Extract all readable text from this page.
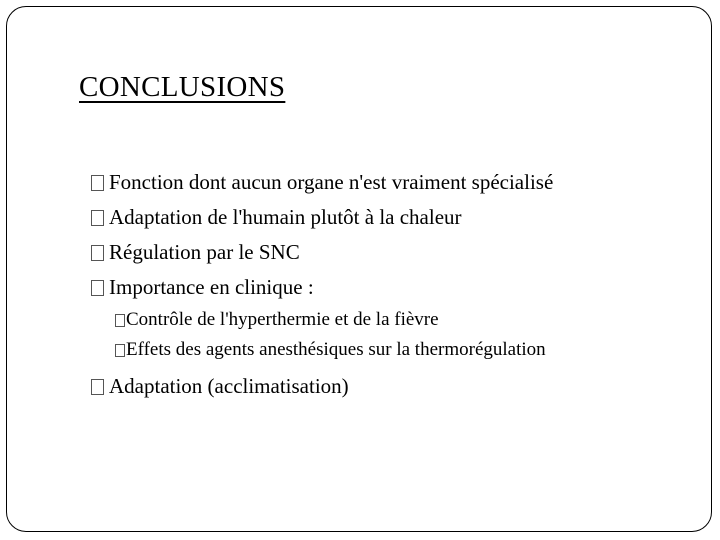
CONCLUSIONS
Fonction dont aucun organe n'est vraiment spécialisé
Adaptation de l'humain plutôt à la chaleur
Régulation par le SNC
Importance en clinique :
Contrôle de l'hyperthermie et de la fièvre
Effets des agents anesthésiques sur la thermorégulation
Adaptation (acclimatisation)
